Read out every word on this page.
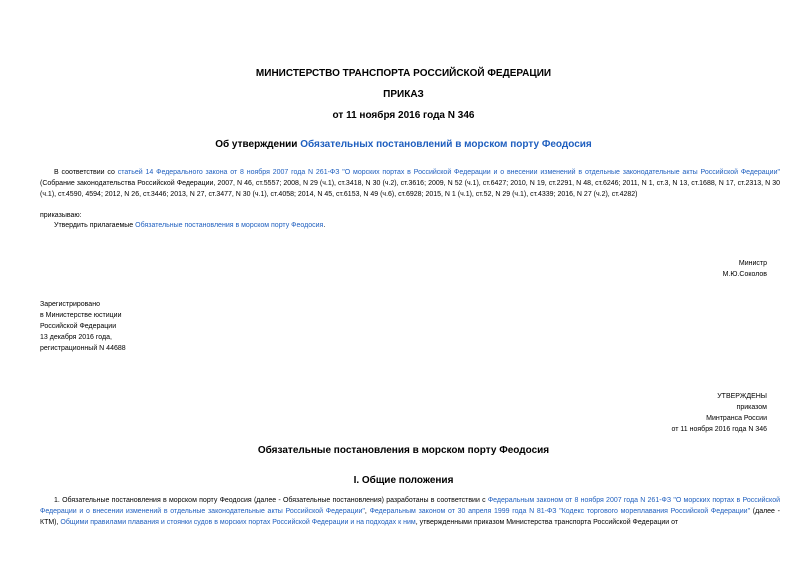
МИНИСТЕРСТВО ТРАНСПОРТА РОССИЙСКОЙ ФЕДЕРАЦИИ
ПРИКАЗ
от 11 ноября 2016 года N 346
Об утверждении Обязательных постановлений в морском порту Феодосия
В соответствии со статьей 14 Федерального закона от 8 ноября 2007 года N 261-ФЗ "О морских портах в Российской Федерации и о внесении изменений в отдельные законодательные акты Российской Федерации" (Собрание законодательства Российской Федерации, 2007, N 46, ст.5557; 2008, N 29 (ч.1), ст.3418, N 30 (ч.2), ст.3616; 2009, N 52 (ч.1), ст.6427; 2010, N 19, ст.2291, N 48, ст.6246; 2011, N 1, ст.3, N 13, ст.1688, N 17, ст.2313, N 30 (ч.1), ст.4590, 4594; 2012, N 26, ст.3446; 2013, N 27, ст.3477, N 30 (ч.1), ст.4058; 2014, N 45, ст.6153, N 49 (ч.6), ст.6928; 2015, N 1 (ч.1), ст.52, N 29 (ч.1), ст.4339; 2016, N 27 (ч.2), ст.4282)
приказываю:
Утвердить прилагаемые Обязательные постановления в морском порту Феодосия.
Министр
М.Ю.Соколов
Зарегистрировано
в Министерстве юстиции
Российской Федерации
13 декабря 2016 года,
регистрационный N 44688
УТВЕРЖДЕНЫ
приказом
Минтранса России
от 11 ноября 2016 года N 346
Обязательные постановления в морском порту Феодосия
I. Общие положения
1. Обязательные постановления в морском порту Феодосия (далее - Обязательные постановления) разработаны в соответствии с Федеральным законом от 8 ноября 2007 года N 261-ФЗ "О морских портах в Российской Федерации и о внесении изменений в отдельные законодательные акты Российской Федерации", Федеральным законом от 30 апреля 1999 года N 81-ФЗ "Кодекс торгового мореплавания Российской Федерации" (далее - КТМ), Общими правилами плавания и стоянки судов в морских портах Российской Федерации и на подходах к ним, утвержденными приказом Министерства транспорта Российской Федерации от
